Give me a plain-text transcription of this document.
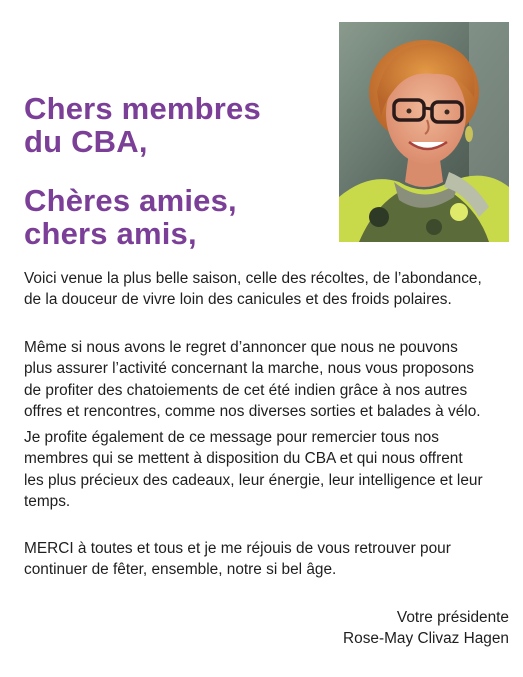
Chers membres
du CBA,
Chères amies,
chers amis,

Voici venue la plus belle saison, celle des récoltes, de l’abondance,
de la douceur de vivre loin des canicules et des froids polaires.

Même si nous avons le regret d’annoncer que nous ne pouvons
plus assurer l’activité concernant la marche, nous vous proposons
de profiter des chatoiements de cet été indien grâce à nos autres
offres et rencontres, comme nos diverses sorties et balades à vélo.

Je profite également de ce message pour remercier tous nos
membres qui se mettent à disposition du CBA et qui nous offrent
les plus précieux des cadeaux, leur énergie, leur intelligence et leur
temps.

MERCI à toutes et tous et je me réjouis de vous retrouver pour
continuer de fêter, ensemble, notre si bel âge.

Votre présidente
Rose-May Clivaz Hagen
